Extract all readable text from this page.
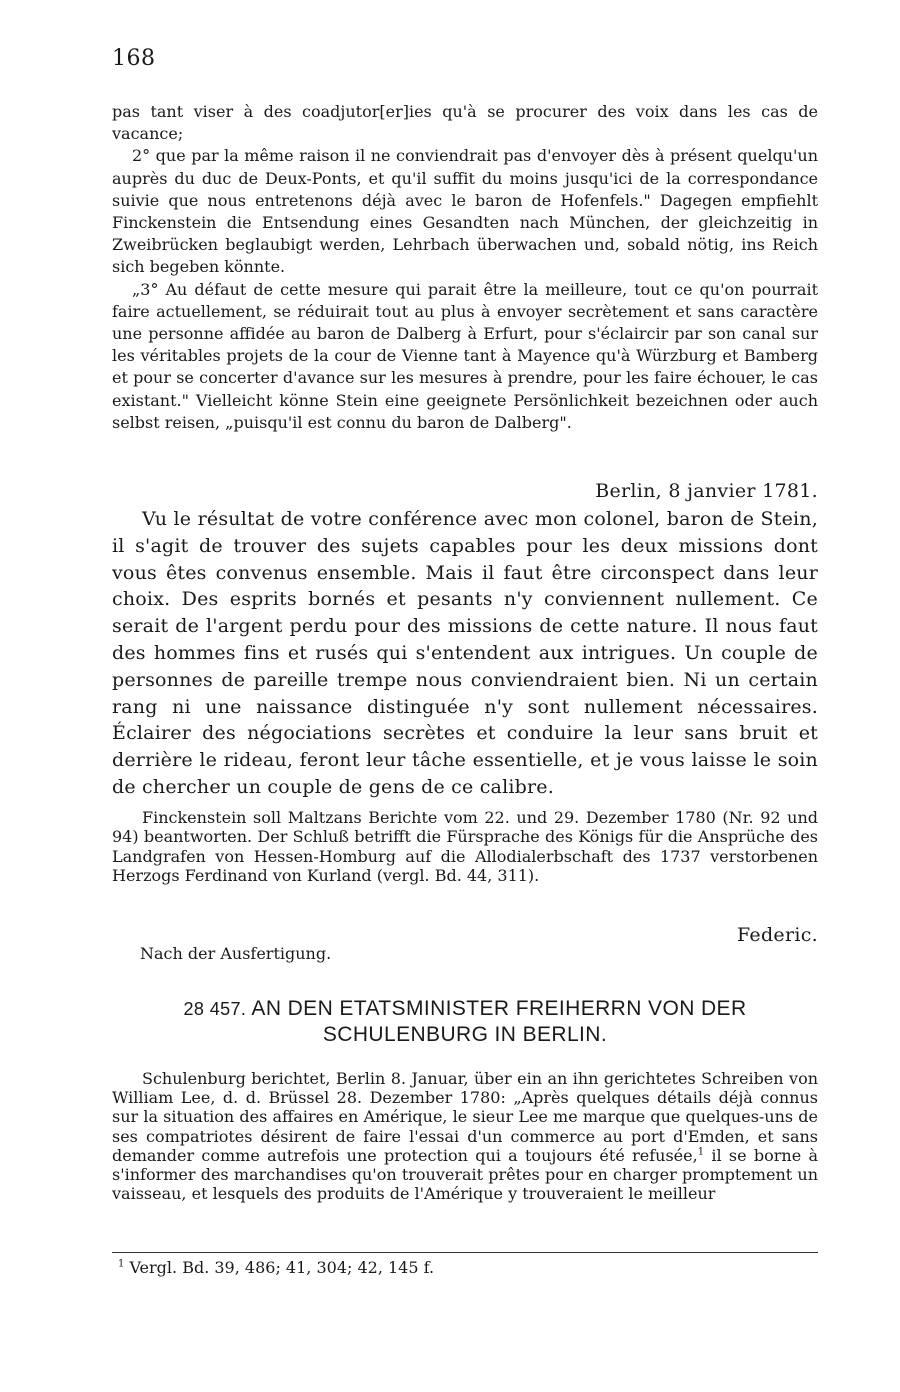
168

pas tant viser à des coadjutor[er]ies qu'à se procurer des voix dans les cas de vacance;

2° que par la même raison il ne conviendrait pas d'envoyer dès à présent quelqu'un auprès du duc de Deux-Ponts, et qu'il suffit du moins jusqu'ici de la correspondance suivie que nous entretenons déjà avec le baron de Hofenfels." Dagegen empfiehlt Finckenstein die Entsendung eines Gesandten nach München, der gleichzeitig in Zweibrücken beglaubigt werden, Lehrbach überwachen und, sobald nötig, ins Reich sich begeben könnte.

„3° Au défaut de cette mesure qui parait être la meilleure, tout ce qu'on pourrait faire actuellement, se réduirait tout au plus à envoyer secrètement et sans caractère une personne affidée au baron de Dalberg à Erfurt, pour s'éclaircir par son canal sur les véritables projets de la cour de Vienne tant à Mayence qu'à Würzburg et Bamberg et pour se concerter d'avance sur les mesures à prendre, pour les faire échouer, le cas existant." Vielleicht könne Stein eine geeignete Persönlichkeit bezeichnen oder auch selbst reisen, „puisqu'il est connu du baron de Dalberg".

Berlin, 8 janvier 1781.

Vu le résultat de votre conférence avec mon colonel, baron de Stein, il s'agit de trouver des sujets capables pour les deux missions dont vous êtes convenus ensemble. Mais il faut être circonspect dans leur choix. Des esprits bornés et pesants n'y conviennent nullement. Ce serait de l'argent perdu pour des missions de cette nature. Il nous faut des hommes fins et rusés qui s'entendent aux intrigues. Un couple de personnes de pareille trempe nous conviendraient bien. Ni un certain rang ni une naissance distinguée n'y sont nullement nécessaires. Éclairer des négociations secrètes et conduire la leur sans bruit et derrière le rideau, feront leur tâche essentielle, et je vous laisse le soin de chercher un couple de gens de ce calibre.

Finckenstein soll Maltzans Berichte vom 22. und 29. Dezember 1780 (Nr. 92 und 94) beantworten. Der Schluß betrifft die Fürsprache des Königs für die Ansprüche des Landgrafen von Hessen-Homburg auf die Allodialerbschaft des 1737 verstorbenen Herzogs Ferdinand von Kurland (vergl. Bd. 44, 311).

Federic.
Nach der Ausfertigung.
28 457. AN DEN ETATSMINISTER FREIHERRN VON DER
SCHULENBURG IN BERLIN.

Schulenburg berichtet, Berlin 8. Januar, über ein an ihn gerichtetes Schreiben von William Lee, d. d. Brüssel 28. Dezember 1780: „Après quelques détails déjà connus sur la situation des affaires en Amérique, le sieur Lee me marque que quelques-uns de ses compatriotes désirent de faire l'essai d'un commerce au port d'Emden, et sans demander comme autrefois une protection qui a toujours été refusée,$^1$ il se borne à s'informer des marchandises qu'on trouverait prêtes pour en charger promptement un vaisseau, et lesquels des produits de l'Amérique y trouveraient le meilleur

$^1$ Vergl. Bd. 39, 486; 41, 304; 42, 145 f.
